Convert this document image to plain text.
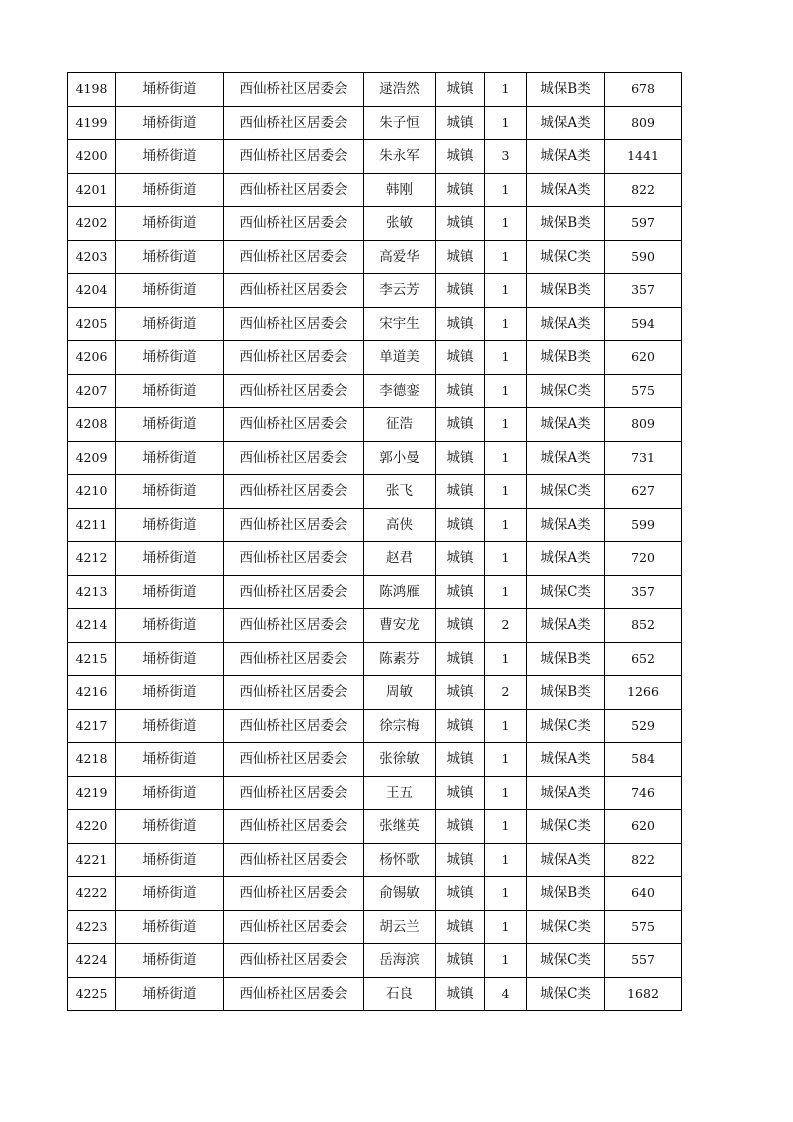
4198	埇桥街道	西仙桥社区居委会	逯浩然	城镇	1	城保B类	678
4199	埇桥街道	西仙桥社区居委会	朱子恒	城镇	1	城保A类	809
4200	埇桥街道	西仙桥社区居委会	朱永军	城镇	3	城保A类	1441
4201	埇桥街道	西仙桥社区居委会	韩刚	城镇	1	城保A类	822
4202	埇桥街道	西仙桥社区居委会	张敏	城镇	1	城保B类	597
4203	埇桥街道	西仙桥社区居委会	高爱华	城镇	1	城保C类	590
4204	埇桥街道	西仙桥社区居委会	李云芳	城镇	1	城保B类	357
4205	埇桥街道	西仙桥社区居委会	宋宇生	城镇	1	城保A类	594
4206	埇桥街道	西仙桥社区居委会	单道美	城镇	1	城保B类	620
4207	埇桥街道	西仙桥社区居委会	李德銮	城镇	1	城保C类	575
4208	埇桥街道	西仙桥社区居委会	征浩	城镇	1	城保A类	809
4209	埇桥街道	西仙桥社区居委会	郭小曼	城镇	1	城保A类	731
4210	埇桥街道	西仙桥社区居委会	张飞	城镇	1	城保C类	627
4211	埇桥街道	西仙桥社区居委会	高侠	城镇	1	城保A类	599
4212	埇桥街道	西仙桥社区居委会	赵君	城镇	1	城保A类	720
4213	埇桥街道	西仙桥社区居委会	陈鸿雁	城镇	1	城保C类	357
4214	埇桥街道	西仙桥社区居委会	曹安龙	城镇	2	城保A类	852
4215	埇桥街道	西仙桥社区居委会	陈素芬	城镇	1	城保B类	652
4216	埇桥街道	西仙桥社区居委会	周敏	城镇	2	城保B类	1266
4217	埇桥街道	西仙桥社区居委会	徐宗梅	城镇	1	城保C类	529
4218	埇桥街道	西仙桥社区居委会	张徐敏	城镇	1	城保A类	584
4219	埇桥街道	西仙桥社区居委会	王五	城镇	1	城保A类	746
4220	埇桥街道	西仙桥社区居委会	张继英	城镇	1	城保C类	620
4221	埇桥街道	西仙桥社区居委会	杨怀歌	城镇	1	城保A类	822
4222	埇桥街道	西仙桥社区居委会	俞锡敏	城镇	1	城保B类	640
4223	埇桥街道	西仙桥社区居委会	胡云兰	城镇	1	城保C类	575
4224	埇桥街道	西仙桥社区居委会	岳海滨	城镇	1	城保C类	557
4225	埇桥街道	西仙桥社区居委会	石良	城镇	4	城保C类	1682
